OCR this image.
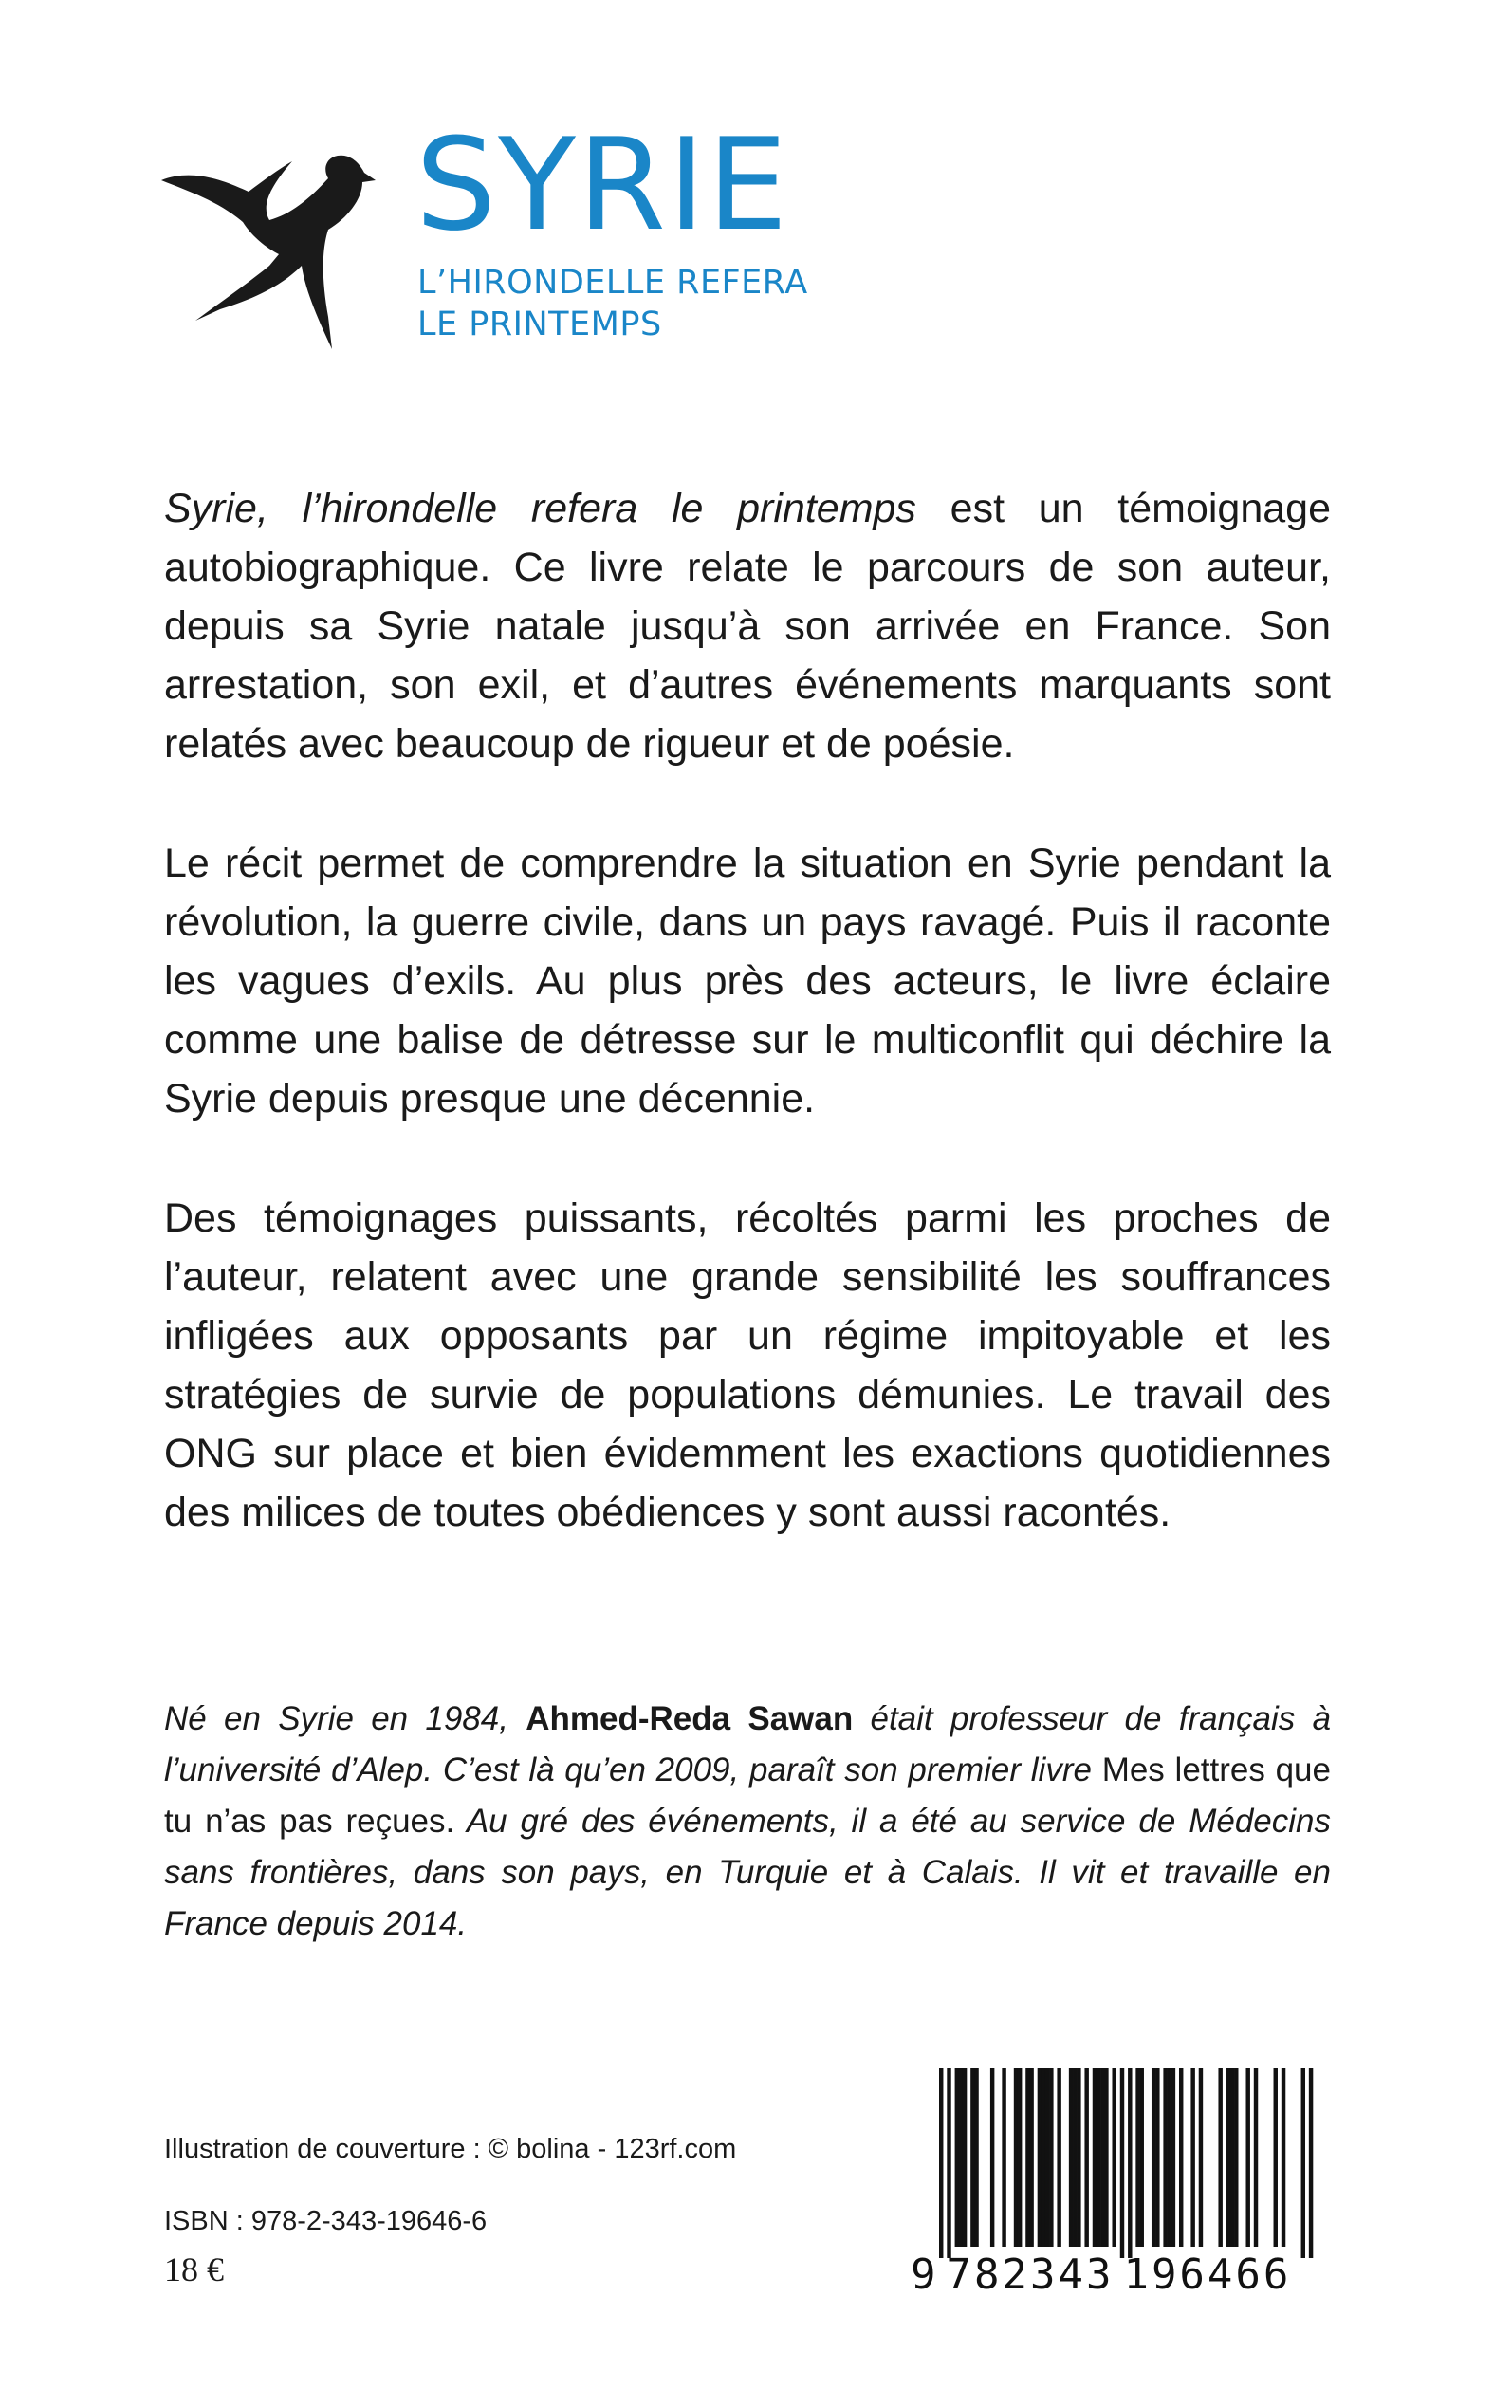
SYRIE
L’HIRONDELLE REFERA
LE PRINTEMPS

Syrie, l’hirondelle refera le printemps est un témoignage autobiographique. Ce livre relate le parcours de son auteur, depuis sa Syrie natale jusqu’à son arrivée en France. Son arrestation, son exil, et d’autres événements marquants sont relatés avec beaucoup de rigueur et de poésie.

Le récit permet de comprendre la situation en Syrie pendant la révolution, la guerre civile, dans un pays ravagé. Puis il raconte les vagues d’exils. Au plus près des acteurs, le livre éclaire comme une balise de détresse sur le multiconflit qui déchire la Syrie depuis presque une décennie.

Des témoignages puissants, récoltés parmi les proches de l’auteur, relatent avec une grande sensibilité les souffrances infligées aux opposants par un régime impitoyable et les stratégies de survie de populations démunies. Le travail des ONG sur place et bien évidemment les exactions quotidiennes des milices de toutes obédiences y sont aussi racontés.

Né en Syrie en 1984, Ahmed-Reda Sawan était professeur de français à l’université d’Alep. C’est là qu’en 2009, paraît son premier livre Mes lettres que tu n’as pas reçues. Au gré des événements, il a été au service de Médecins sans frontières, dans son pays, en Turquie et à Calais. Il vit et travaille en France depuis 2014.

Illustration de couverture : © bolina - 123rf.com
ISBN : 978-2-343-19646-6
18 €	9 782343 196466
